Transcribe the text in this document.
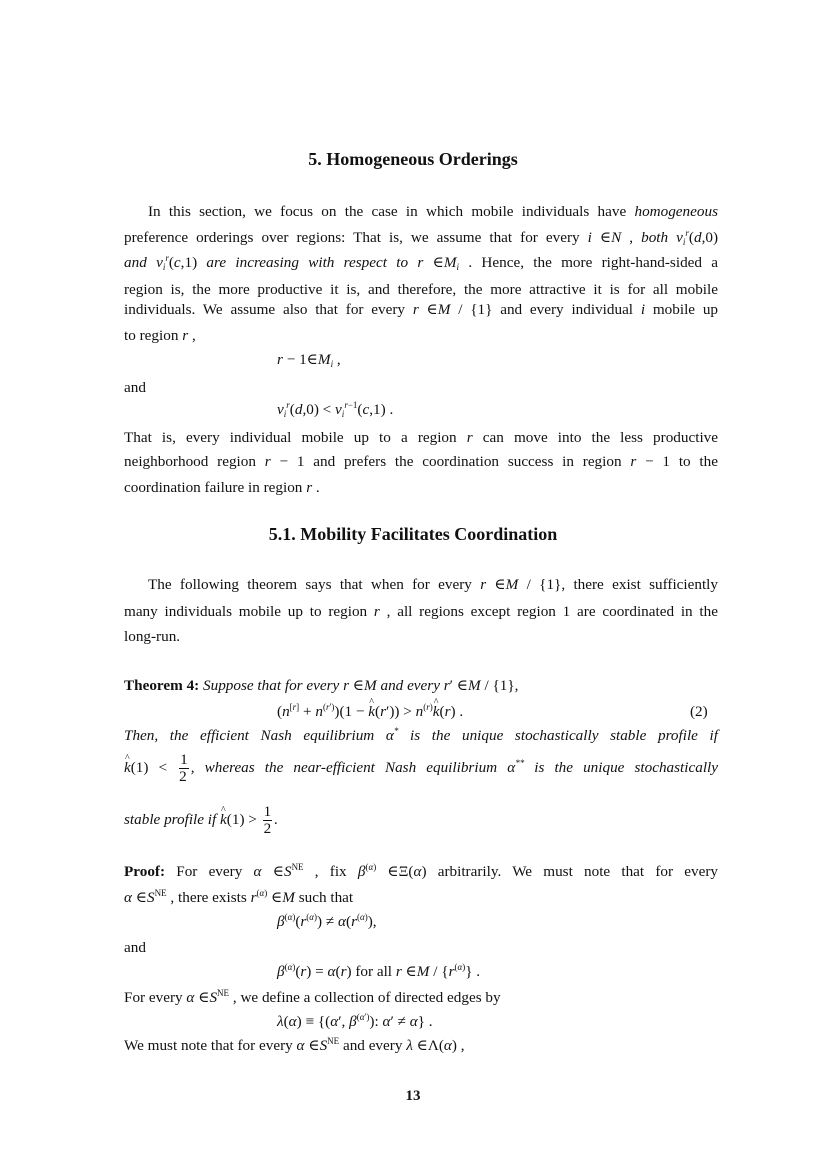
5. Homogeneous Orderings
In this section, we focus on the case in which mobile individuals have homogeneous
preference orderings over regions: That is, we assume that for every i ∈N , both $v_i^r(d,0)$
and $v_i^r(c,1)$ are increasing with respect to r $\in M_i$ . Hence, the more right-hand-sided a
region is, the more productive it is, and therefore, the more attractive it is for all mobile
individuals. We assume also that for every r ∈M / {1} and every individual i mobile up
to region r ,
$r - 1\in M_i$ ,
and
$v_i^r(d,0) < v_i^{r-1}(c,1)$ .
That is, every individual mobile up to a region r can move into the less productive
neighborhood region r − 1 and prefers the coordination success in region r − 1 to the
coordination failure in region r .
5.1. Mobility Facilitates Coordination
The following theorem says that when for every r ∈M / {1}, there exist sufficiently
many individuals mobile up to region r , all regions except region 1 are coordinated in the
long-run.
Theorem 4: Suppose that for every r ∈M and every r′ ∈M / {1},
$(n[r] + n^{(r')})(1$ − ^ $k(r')) > n^{(r)}\^{}$ k(r) .	(2)
Then, the efficient Nash equilibrium α* is the unique stochastically stable profile if
^ $k(1) < \frac{1}{2}$ , whereas the near-efficient Nash equilibrium α** is the unique stochastically
stable profile if ^ $k(1) > \frac{1}{2}$ .
Proof: For every α $\in S^{NE}$ , fix $\beta^{(\alpha)}$ ∈Ξ(α) arbitrarily. We must note that for every
α $\in S^{NE}$ , there exists $r^{(\alpha)}$ ∈M such that
$\beta^{(\alpha)}(r^{(\alpha)}) \ne \alpha(r^{(\alpha)})$,
and
$\beta^{(\alpha)}(r) = \alpha(r)$ for all r ∈M / $\{r^{(\alpha)}\}$ .
For every α $\in S^{NE}$ , we define a collection of directed edges by
λ(α) ≡ {(α′, $\beta^{(\alpha')}$): α′ ≠ α} .
We must note that for every α $\in S^{NE}$ and every λ ∈Λ(α) ,
13
